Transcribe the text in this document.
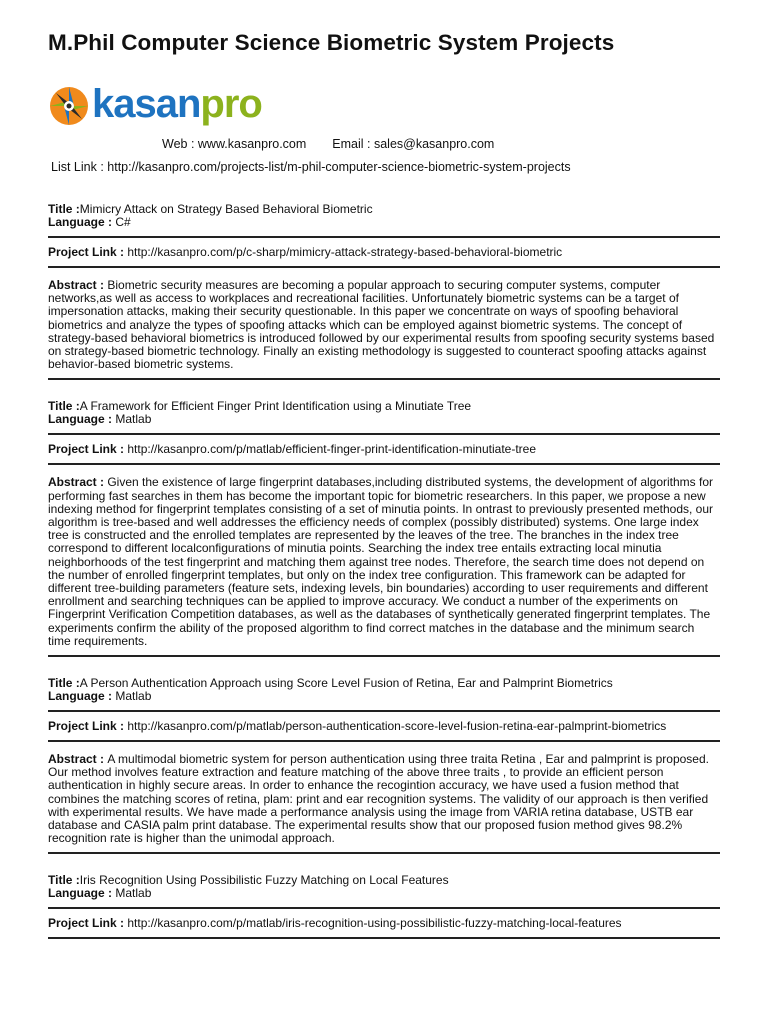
M.Phil Computer Science Biometric System Projects
kasanpro
Web : www.kasanpro.com Email : sales@kasanpro.com
List Link : http://kasanpro.com/projects-list/m-phil-computer-science-biometric-system-projects
Title :Mimicry Attack on Strategy Based Behavioral Biometric
Language : C#
Project Link : http://kasanpro.com/p/c-sharp/mimicry-attack-strategy-based-behavioral-biometric
Abstract : Biometric security measures are becoming a popular approach to securing computer systems, computer networks,as well as access to workplaces and recreational facilities. Unfortunately biometric systems can be a target of impersonation attacks, making their security questionable. In this paper we concentrate on ways of spoofing behavioral biometrics and analyze the types of spoofing attacks which can be employed against biometric systems. The concept of strategy-based behavioral biometrics is introduced followed by our experimental results from spoofing security systems based on strategy-based biometric technology. Finally an existing methodology is suggested to counteract spoofing attacks against behavior-based biometric systems.
Title :A Framework for Efficient Finger Print Identification using a Minutiate Tree
Language : Matlab
Project Link : http://kasanpro.com/p/matlab/efficient-finger-print-identification-minutiate-tree
Abstract : Given the existence of large fingerprint databases,including distributed systems, the development of algorithms for performing fast searches in them has become the important topic for biometric researchers. In this paper, we propose a new indexing method for fingerprint templates consisting of a set of minutia points. In ontrast to previously presented methods, our algorithm is tree-based and well addresses the efficiency needs of complex (possibly distributed) systems. One large index tree is constructed and the enrolled templates are represented by the leaves of the tree. The branches in the index tree correspond to different localconfigurations of minutia points. Searching the index tree entails extracting local minutia neighborhoods of the test fingerprint and matching them against tree nodes. Therefore, the search time does not depend on the number of enrolled fingerprint templates, but only on the index tree configuration. This framework can be adapted for different tree-building parameters (feature sets, indexing levels, bin boundaries) according to user requirements and different enrollment and searching techniques can be applied to improve accuracy. We conduct a number of the experiments on Fingerprint Verification Competition databases, as well as the databases of synthetically generated fingerprint templates. The experiments confirm the ability of the proposed algorithm to find correct matches in the database and the minimum search time requirements.
Title :A Person Authentication Approach using Score Level Fusion of Retina, Ear and Palmprint Biometrics
Language : Matlab
Project Link : http://kasanpro.com/p/matlab/person-authentication-score-level-fusion-retina-ear-palmprint-biometrics
Abstract : A multimodal biometric system for person authentication using three traita Retina , Ear and palmprint is proposed. Our method involves feature extraction and feature matching of the above three traits , to provide an efficient person authentication in highly secure areas. In order to enhance the recogintion accuracy, we have used a fusion method that combines the matching scores of retina, plam: print and ear recognition systems. The validity of our approach is then verified with experimental results. We have made a performance analysis using the image from VARIA retina database, USTB ear database and CASIA palm print database. The experimental results show that our proposed fusion method gives 98.2% recognition rate is higher than the unimodal approach.
Title :Iris Recognition Using Possibilistic Fuzzy Matching on Local Features
Language : Matlab
Project Link : http://kasanpro.com/p/matlab/iris-recognition-using-possibilistic-fuzzy-matching-local-features
